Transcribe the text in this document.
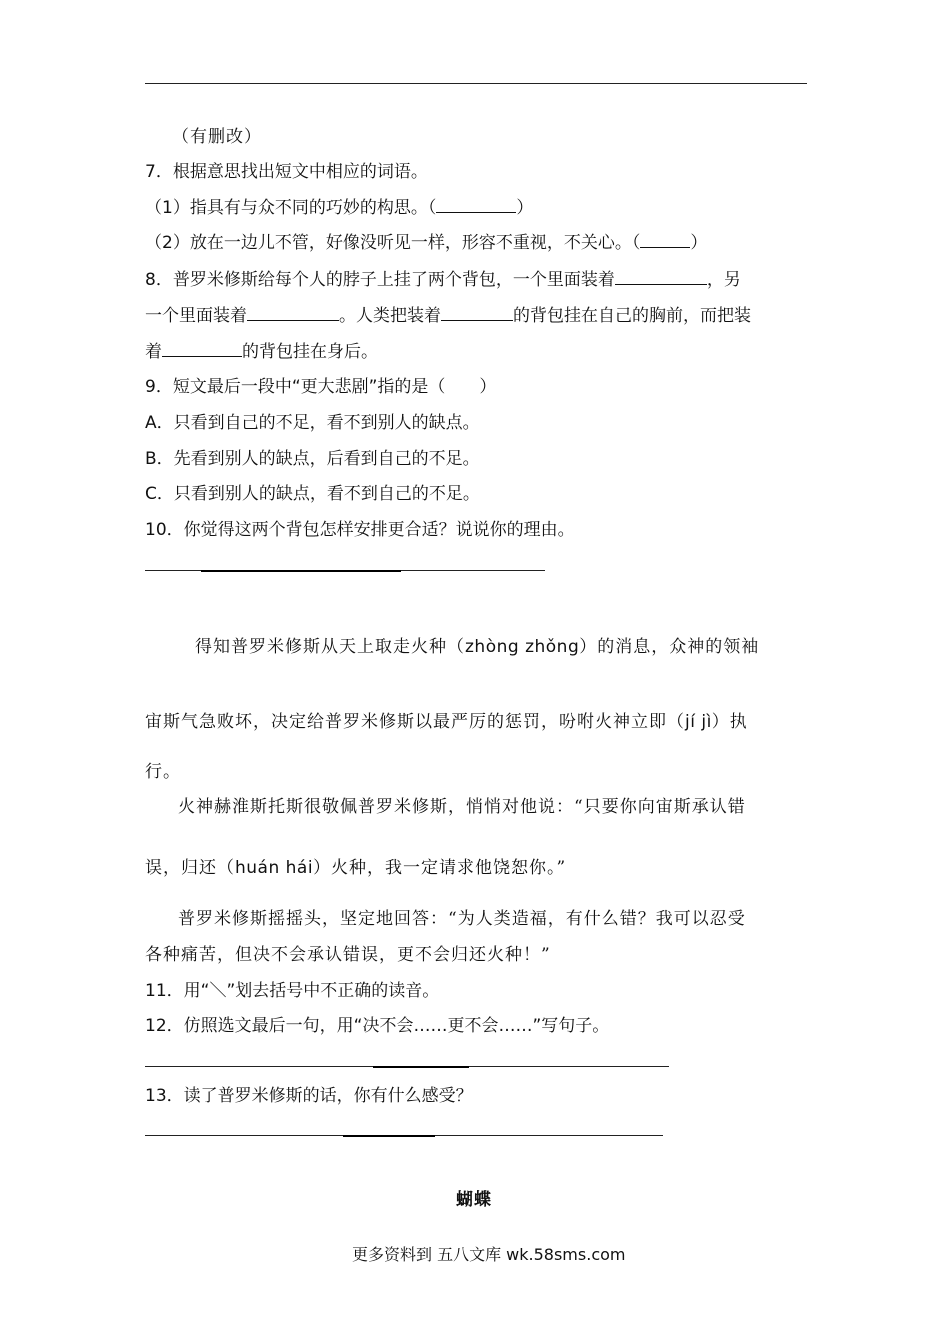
（有删改）
7．根据意思找出短文中相应的词语。
（1）指具有与众不同的巧妙的构思。（	）
（2）放在一边儿不管，好像没听见一样，形容不重视，不关心。（	）
8．普罗米修斯给每个人的脖子上挂了两个背包，一个里面装着	，另
一个里面装着	。人类把装着	的背包挂在自己的胸前，而把装
着	的背包挂在身后。
9．短文最后一段中“更大悲剧”指的是（　　）
A．只看到自己的不足，看不到别人的缺点。
B．先看到别人的缺点，后看到自己的不足。
C．只看到别人的缺点，看不到自己的不足。
10．你觉得这两个背包怎样安排更合适？说说你的理由。
得知普罗米修斯从天上取走火种（zhòng zhǒng）的消息，众神的领袖
宙斯气急败坏，决定给普罗米修斯以最严厉的惩罚，吩咐火神立即（jí jì）执
行。
火神赫淮斯托斯很敬佩普罗米修斯，悄悄对他说：“只要你向宙斯承认错
误，归还（huán hái）火种，我一定请求他饶恕你。”
普罗米修斯摇摇头，坚定地回答：“为人类造福，有什么错？我可以忍受
各种痛苦，但决不会承认错误，更不会归还火种！”
11．用“＼”划去括号中不正确的读音。
12．仿照选文最后一句，用“决不会……更不会……”写句子。
13．读了普罗米修斯的话，你有什么感受？
蝴蝶
更多资料到 五八文库 wk.58sms.com
